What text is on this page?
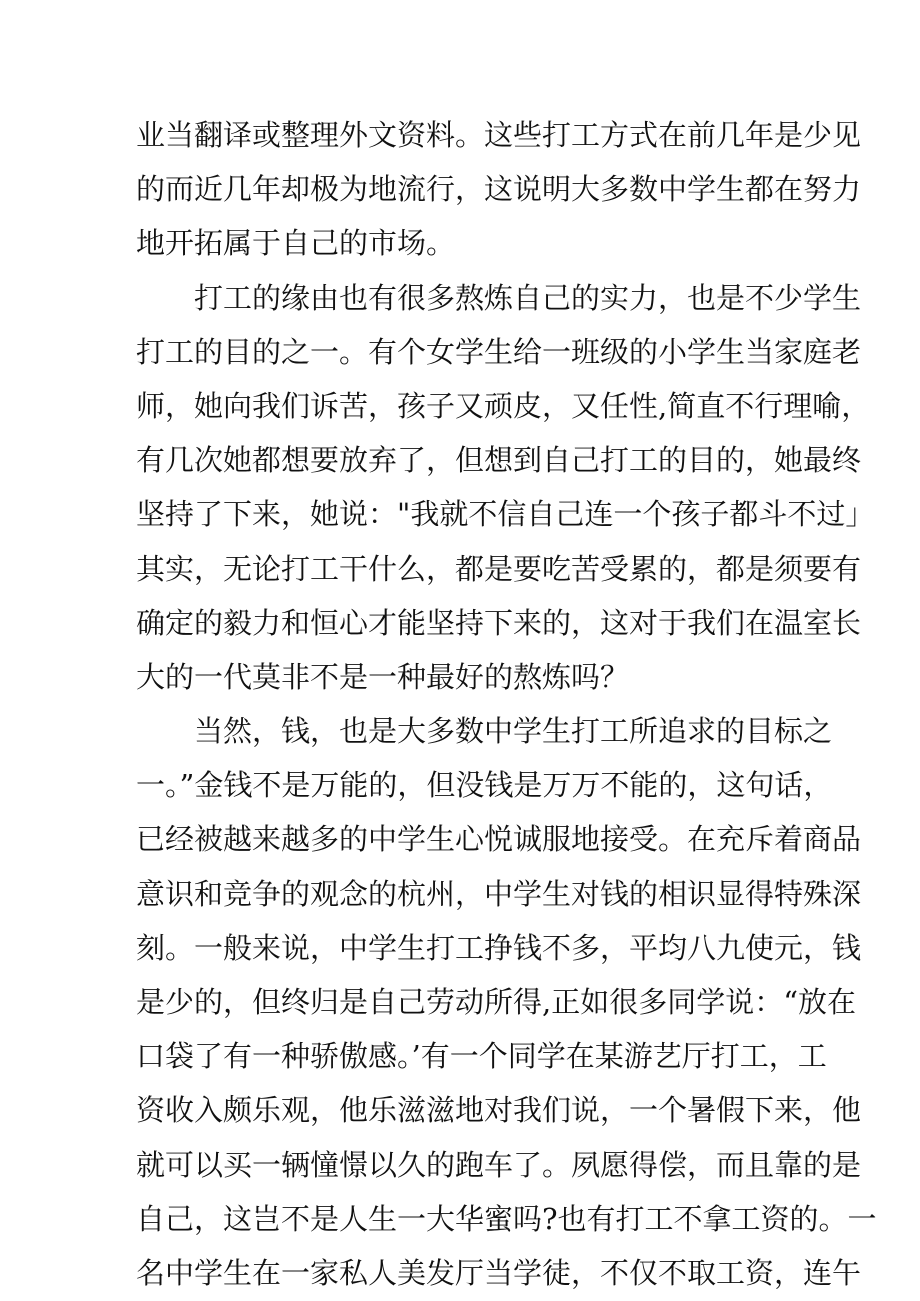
业当翻译或整理外文资料。这些打工方式在前几年是少见
的而近几年却极为地流行，这说明大多数中学生都在努力
地开拓属于自己的市场。
打工的缘由也有很多熬炼自己的实力，也是不少学生
打工的目的之一。有个女学生给一班级的小学生当家庭老
师，她向我们诉苦，孩子又顽皮，又任性,简直不行理喻，
有几次她都想要放弃了，但想到自己打工的目的，她最终
坚持了下来，她说："我就不信自己连一个孩子都斗不过」
其实，无论打工干什么，都是要吃苦受累的，都是须要有
确定的毅力和恒心才能坚持下来的，这对于我们在温室长
大的一代莫非不是一种最好的熬炼吗？
当然，钱，也是大多数中学生打工所追求的目标之
一。”金钱不是万能的，但没钱是万万不能的，这句话，
已经被越来越多的中学生心悦诚服地接受。在充斥着商品
意识和竞争的观念的杭州，中学生对钱的相识显得特殊深
刻。一般来说，中学生打工挣钱不多，平均八九使元，钱
是少的，但终归是自己劳动所得,正如很多同学说：“放在
口袋了有一种骄傲感。’有一个同学在某游艺厅打工，工
资收入颇乐观，他乐滋滋地对我们说，一个暑假下来，他
就可以买一辆憧憬以久的跑车了。夙愿得偿，而且靠的是
自己，这岂不是人生一大华蜜吗?也有打工不拿工资的。一
名中学生在一家私人美发厅当学徒，不仅不取工资，连午
